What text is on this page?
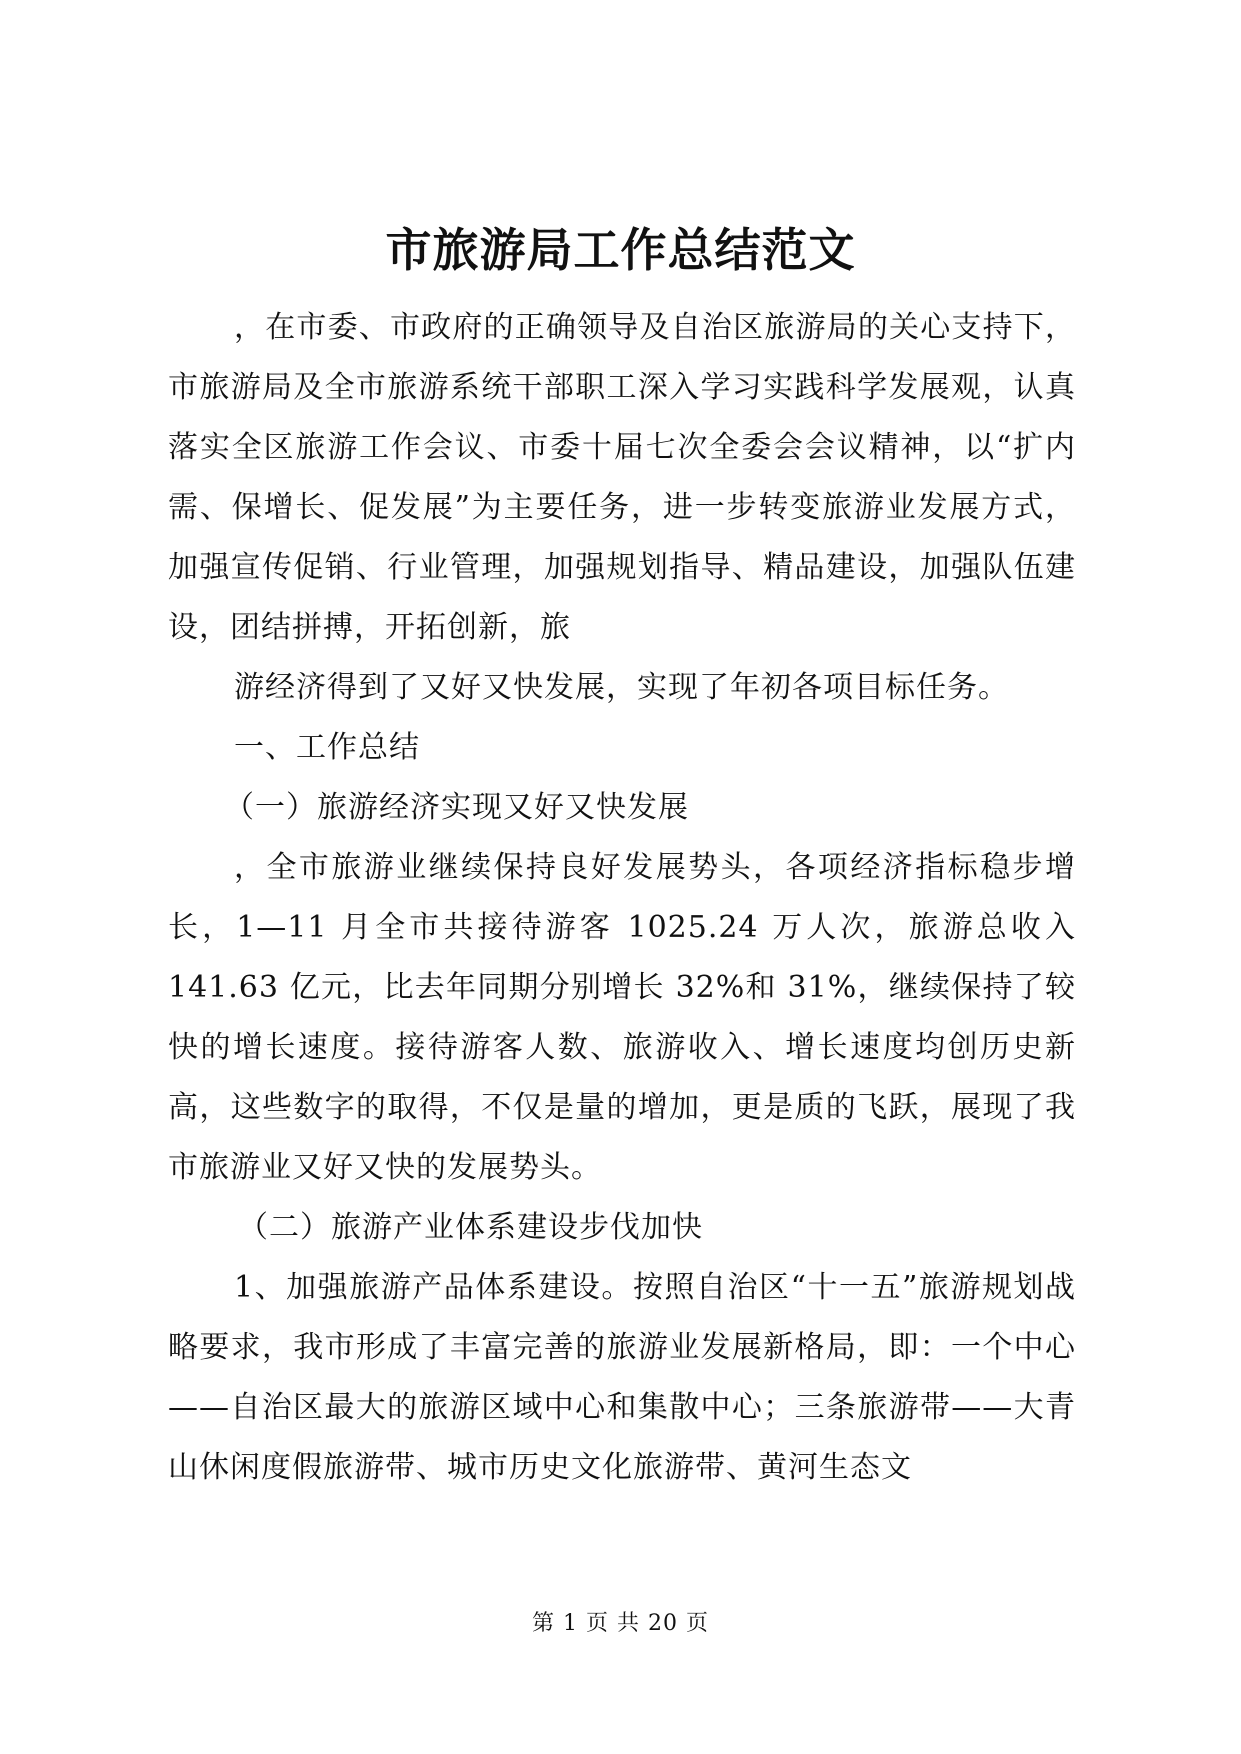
市旅游局工作总结范文

，在市委、市政府的正确领导及自治区旅游局的关心支持下，市旅游局及全市旅游系统干部职工深入学习实践科学发展观，认真落实全区旅游工作会议、市委十届七次全委会会议精神，以“扩内需、保增长、促发展”为主要任务，进一步转变旅游业发展方式，加强宣传促销、行业管理，加强规划指导、精品建设，加强队伍建设，团结拼搏，开拓创新，旅

游经济得到了又好又快发展，实现了年初各项目标任务。

一、工作总结

（一）旅游经济实现又好又快发展

，全市旅游业继续保持良好发展势头，各项经济指标稳步增长，1—11 月全市共接待游客 1025.24 万人次，旅游总收入 141.63 亿元，比去年同期分别增长 32%和 31%，继续保持了较快的增长速度。接待游客人数、旅游收入、增长速度均创历史新高，这些数字的取得，不仅是量的增加，更是质的飞跃，展现了我市旅游业又好又快的发展势头。

（二）旅游产业体系建设步伐加快

1、加强旅游产品体系建设。按照自治区“十一五”旅游规划战略要求，我市形成了丰富完善的旅游业发展新格局，即：一个中心——自治区最大的旅游区域中心和集散中心；三条旅游带——大青山休闲度假旅游带、城市历史文化旅游带、黄河生态文

第 1 页 共 20 页
